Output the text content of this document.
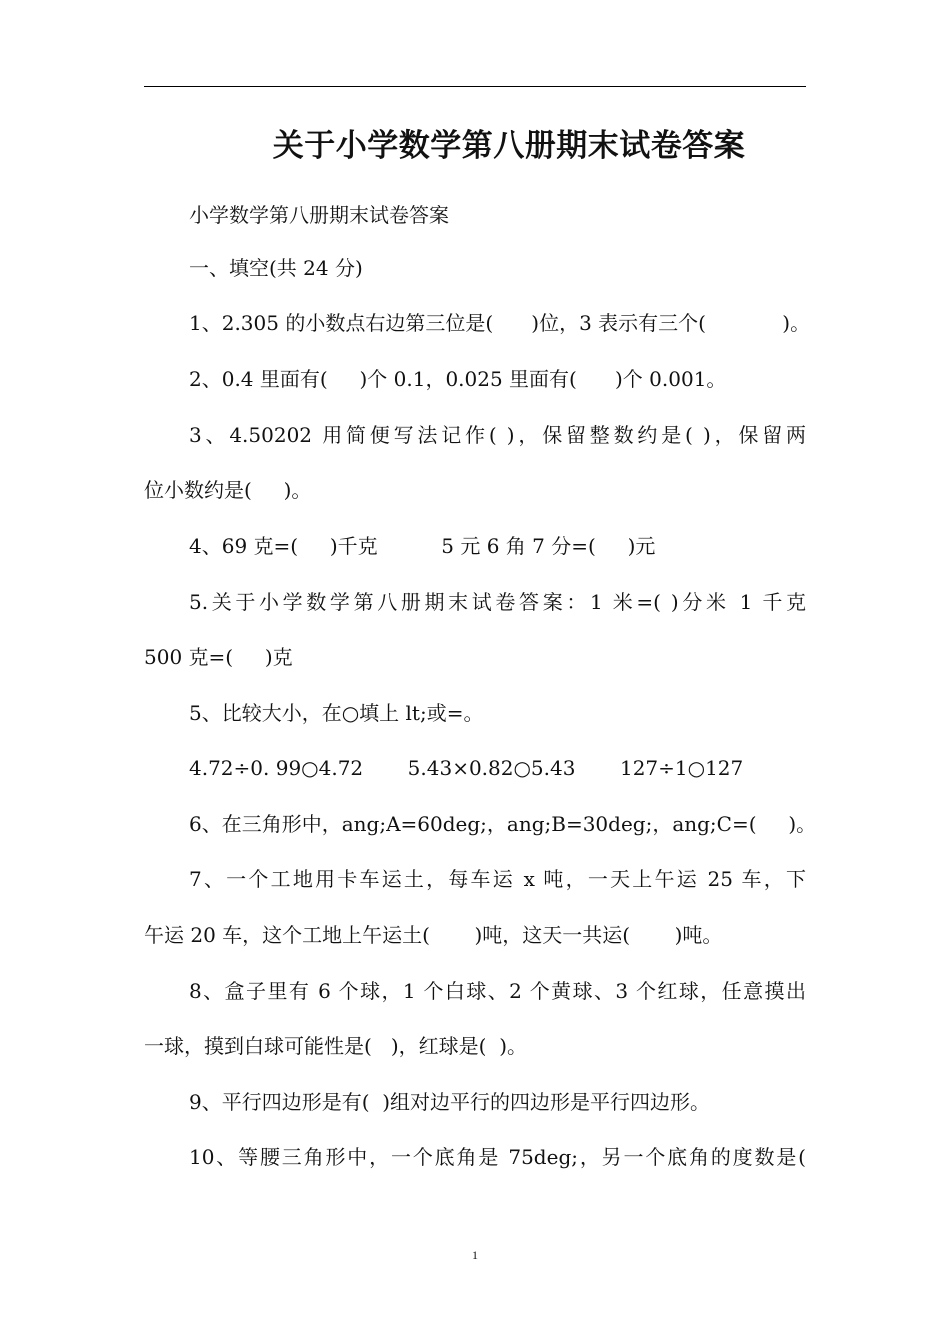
关于小学数学第八册期末试卷答案
小学数学第八册期末试卷答案
一、填空(共 24 分)
1、2.305 的小数点右边第三位是(      )位，3 表示有三个(            )。
2、0.4 里面有(     )个 0.1，0.025 里面有(      )个 0.001。
3、4.50202 用简便写法记作( )，保留整数约是( )，保留两
位小数约是(     )。
4、69 克=(     )千克          5 元 6 角 7 分=(     )元
5.关于小学数学第八册期末试卷答案：1 米=( )分米 1 千克
500 克=(     )克
5、比较大小，在○填上 lt;或=。
4.72÷0. 99○4.72       5.43×0.82○5.43       127÷1○127
6、在三角形中，ang;A=60deg;，ang;B=30deg;，ang;C=(     )。
7、一个工地用卡车运土，每车运 x 吨，一天上午运 25 车，下
午运 20 车，这个工地上午运土(       )吨，这天一共运(       )吨。
8、盒子里有 6 个球，1 个白球、2 个黄球、3 个红球，任意摸出
一球，摸到白球可能性是(   )，红球是(  )。
9、平行四边形是有(  )组对边平行的四边形是平行四边形。
10、等腰三角形中，一个底角是 75deg;，另一个底角的度数是(
1
